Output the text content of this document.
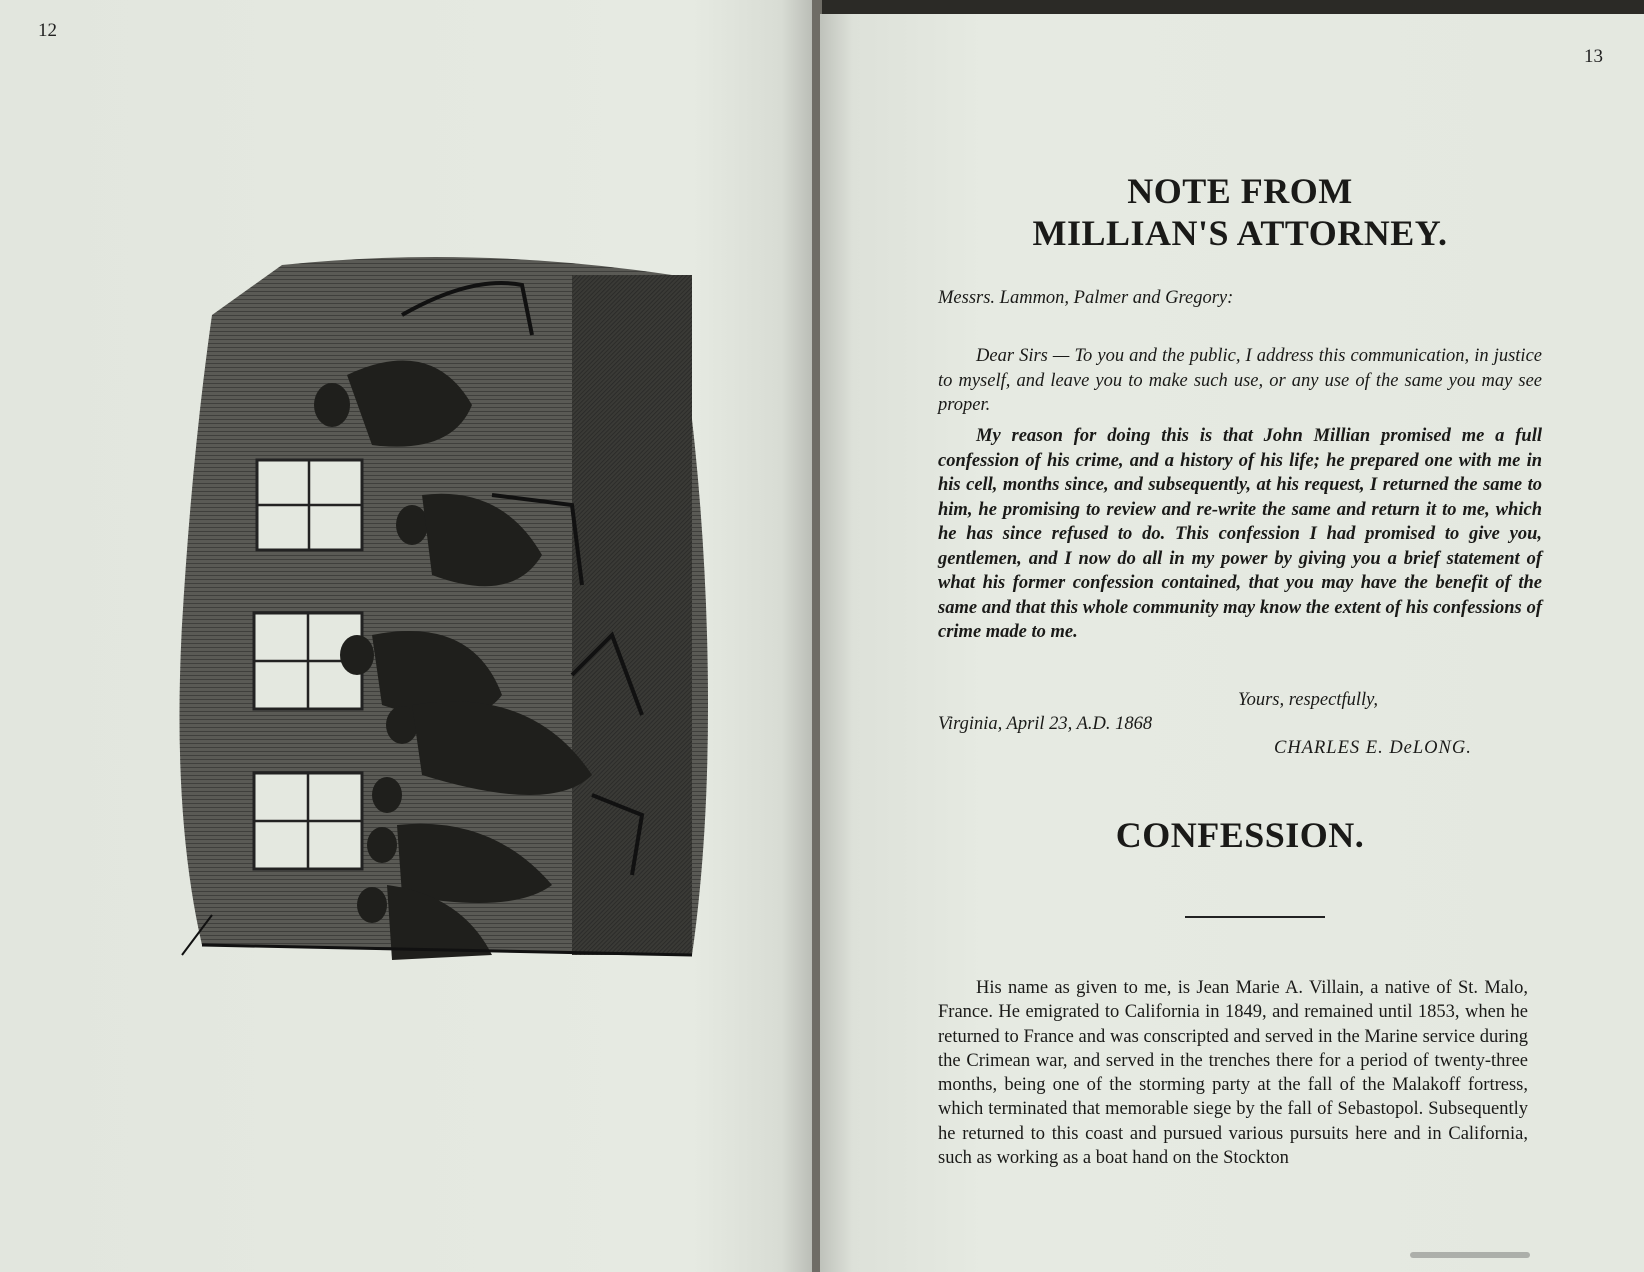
12
13
NOTE FROM
MILLIAN'S ATTORNEY.

Messrs. Lammon, Palmer and Gregory:

Dear Sirs — To you and the public, I address this communication, in justice to myself, and leave you to make such use, or any use of the same you may see proper.

My reason for doing this is that John Millian promised me a full confession of his crime, and a history of his life; he prepared one with me in his cell, months since, and subsequently, at his request, I returned the same to him, he promising to review and re-write the same and return it to me, which he has since refused to do. This confession I had promised to give you, gentlemen, and I now do all in my power by giving you a brief statement of what his former confession contained, that you may have the benefit of the same and that this whole community may know the extent of his confessions of crime made to me.

Yours, respectfully,
Virginia, April 23, A.D. 1868
CHARLES E. DeLONG.
CONFESSION.

His name as given to me, is Jean Marie A. Villain, a native of St. Malo, France. He emigrated to California in 1849, and remained until 1853, when he returned to France and was conscripted and served in the Marine service during the Crimean war, and served in the trenches there for a period of twenty-three months, being one of the storming party at the fall of the Malakoff fortress, which terminated that memorable siege by the fall of Sebastopol. Subsequently he returned to this coast and pursued various pursuits here and in California, such as working as a boat hand on the Stockton
